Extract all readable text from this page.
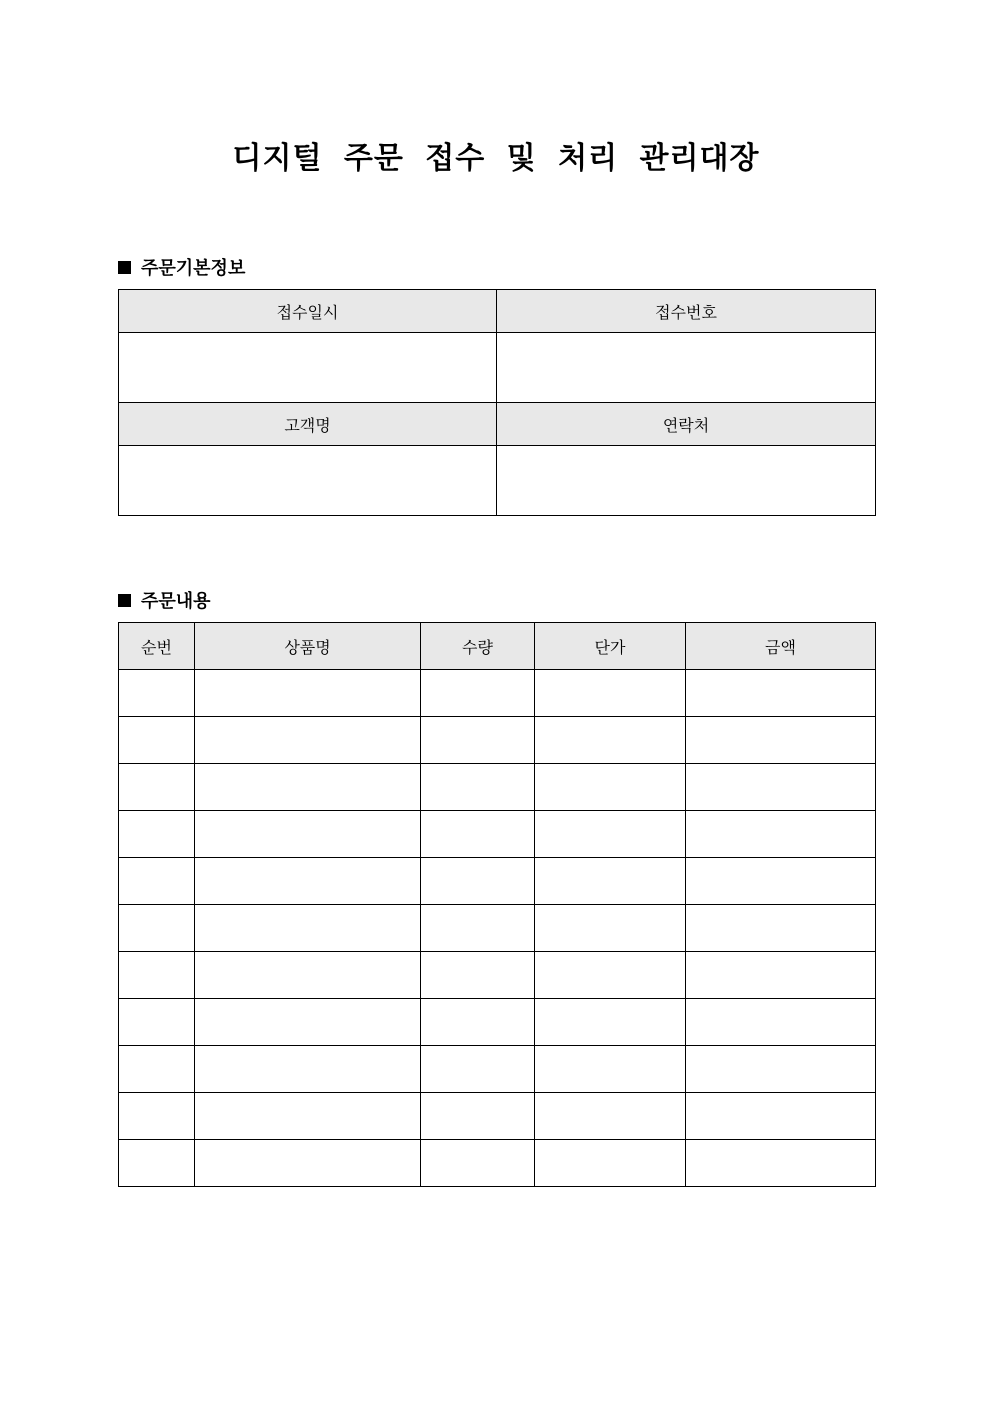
디지털 주문 접수 및 처리 관리대장
주문기본정보
접수일시	접수번호

고객명	연락처

주문내용
순번	상품명	수량	단가	금액
